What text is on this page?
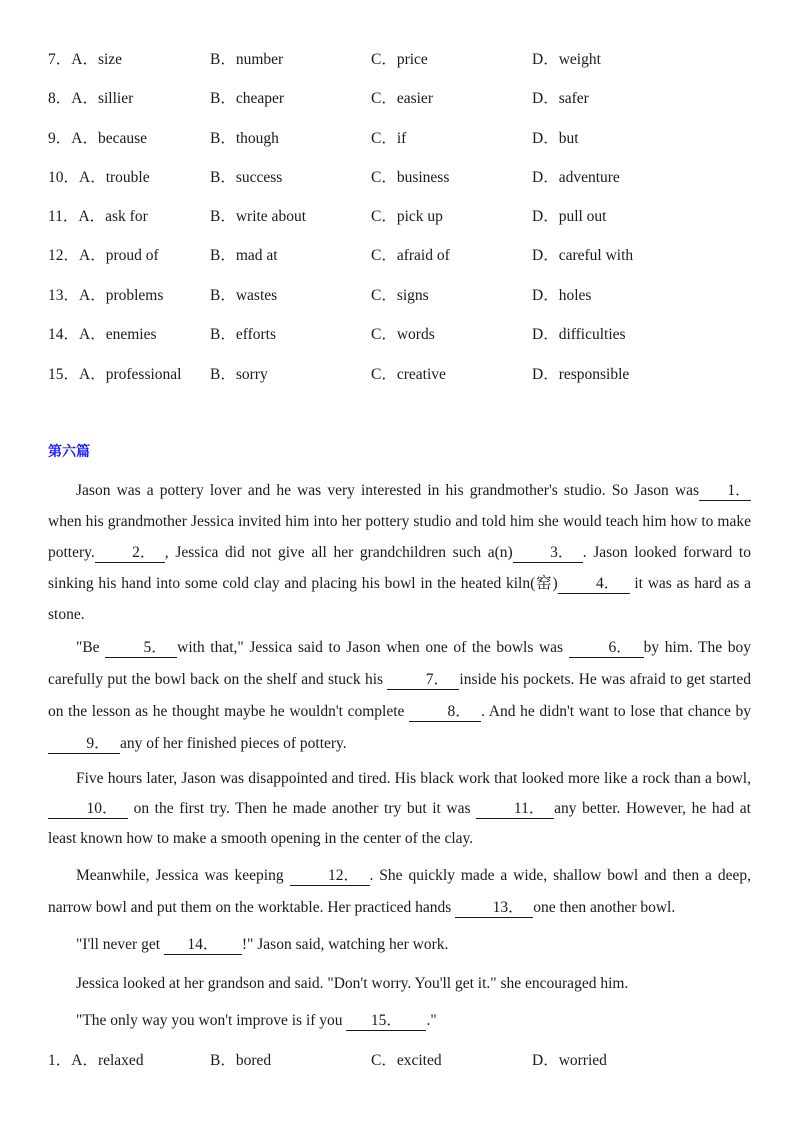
7．A．size	B．number	C．price	D．weight
8．A．sillier	B．cheaper	C．easier	D．safer
9．A．because	B．though	C．if	D．but
10．A．trouble	B．success	C．business	D．adventure
11．A．ask for	B．write about	C．pick up	D．pull out
12．A．proud of	B．mad at	C．afraid of	D．careful with
13．A．problems	B．wastes	C．signs	D．holes
14．A．enemies	B．efforts	C．words	D．difficulties
15．A．professional B．sorry	C．creative	D．responsible
第六篇

Jason was a pottery lover and he was very interested in his grandmother's studio. So Jason was 1． when his grandmother Jessica invited him into her pottery studio and told him she would teach him how to make pottery. 2． , Jessica did not give all her grandchildren such a(n) 3． . Jason looked forward to sinking his hand into some cold clay and placing his bowl in the heated kiln(窑) 4． it was as hard as a stone.

"Be 5． with that," Jessica said to Jason when one of the bowls was	6． by him. The boy carefully put the bowl back on the shelf and stuck his 7． inside his pockets. He was afraid to get started on the lesson as he thought maybe he wouldn't complete 8． . And he didn't want to lose that chance by 9． any of her finished pieces of pottery.

Five hours later, Jason was disappointed and tired. His black work that looked more like a rock than a bowl,10． on the first try. Then he made another try but it was 11． any better. However, he had at least known how to make a smooth opening in the center of the clay.

Meanwhile, Jessica was keeping 12． . She quickly made a wide, shallow bowl and then a deep, narrow bowl and put them on the worktable. Her practiced hands 13． one then another bowl.

"I'll never get 14． !" Jason said, watching her work.
Jessica looked at her grandson and said. "Don't worry. You'll get it." she encouraged him.
"The only way you won't improve is if you 15． ."
1．A．relaxed	B．bored	C．excited	D．worried
